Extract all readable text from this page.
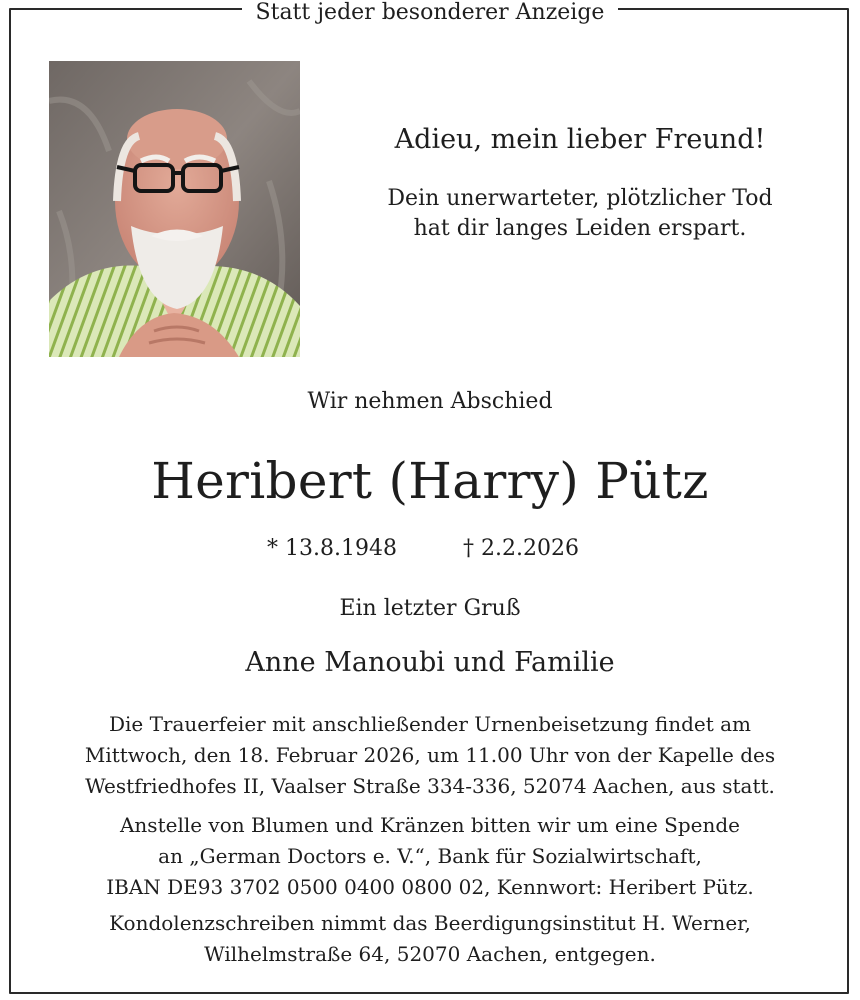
Statt jeder besonderer Anzeige
Adieu, mein lieber Freund!
Dein unerwarteter, plötzlicher Tod
hat dir langes Leiden erspart.
Wir nehmen Abschied
Heribert (Harry) Pütz
* 13.8.1948	† 2.2.2026
Ein letzter Gruß
Anne Manoubi und Familie
Die Trauerfeier mit anschließender Urnenbeisetzung findet am
Mittwoch, den 18. Februar 2026, um 11.00 Uhr von der Kapelle des
Westfriedhofes II, Vaalser Straße 334-336, 52074 Aachen, aus statt.
Anstelle von Blumen und Kränzen bitten wir um eine Spende
an „German Doctors e. V.“, Bank für Sozialwirtschaft,
IBAN DE93 3702 0500 0400 0800 02, Kennwort: Heribert Pütz.
Kondolenzschreiben nimmt das Beerdigungsinstitut H. Werner,
Wilhelmstraße 64, 52070 Aachen, entgegen.
